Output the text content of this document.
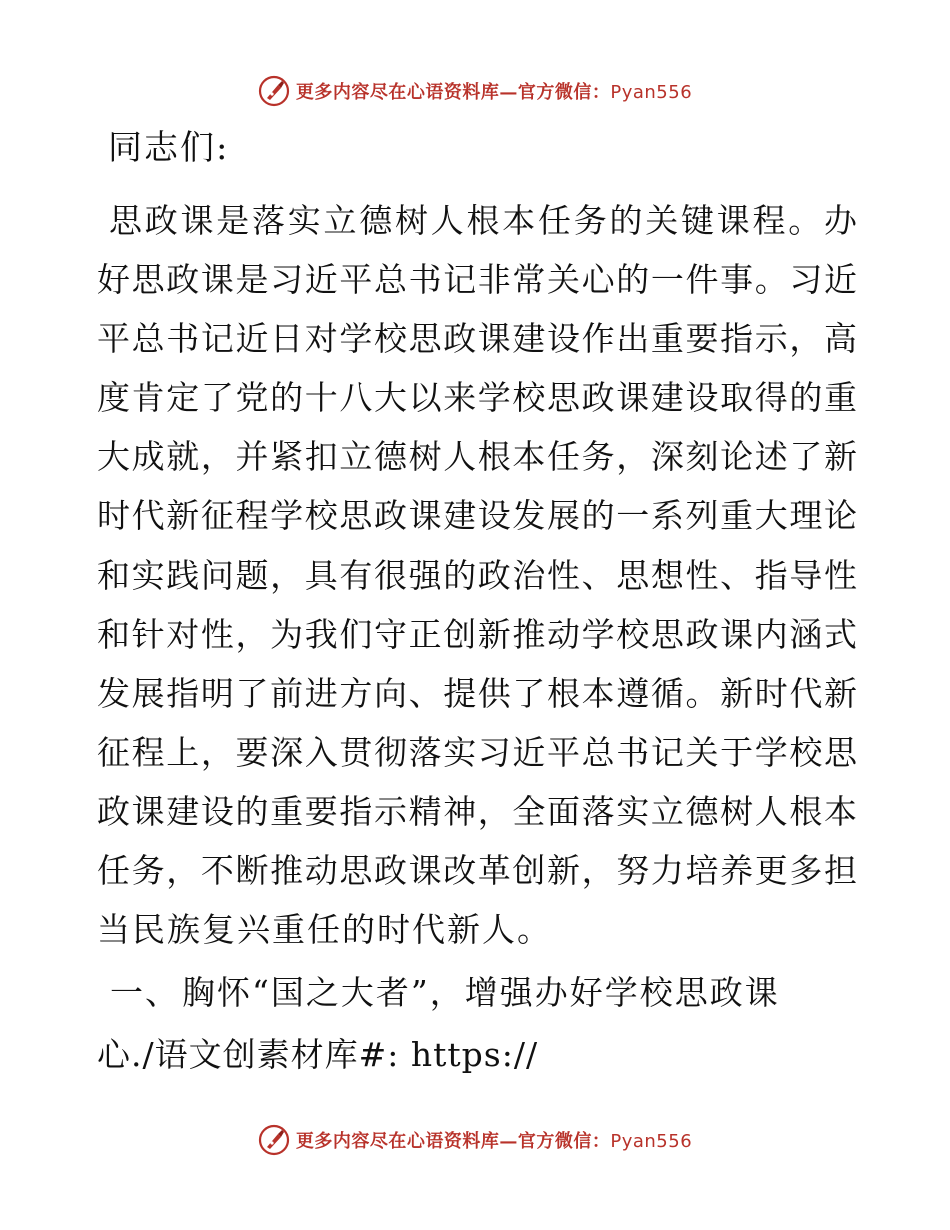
更多内容尽在心语资料库—官方微信：Pyan556
同志们:
思政课是落实立德树人根本任务的关键课程。办
好思政课是习近平总书记非常关心的一件事。习近
平总书记近日对学校思政课建设作出重要指示，高
度肯定了党的十八大以来学校思政课建设取得的重
大成就，并紧扣立德树人根本任务，深刻论述了新
时代新征程学校思政课建设发展的一系列重大理论
和实践问题，具有很强的政治性、思想性、指导性
和针对性，为我们守正创新推动学校思政课内涵式
发展指明了前进方向、提供了根本遵循。新时代新
征程上，要深入贯彻落实习近平总书记关于学校思
政课建设的重要指示精神，全面落实立德树人根本
任务，不断推动思政课改革创新，努力培养更多担
当民族复兴重任的时代新人。
一、胸怀“国之大者”，增强办好学校思政课
心./语文创素材库#: https://
更多内容尽在心语资料库—官方微信：Pyan556
